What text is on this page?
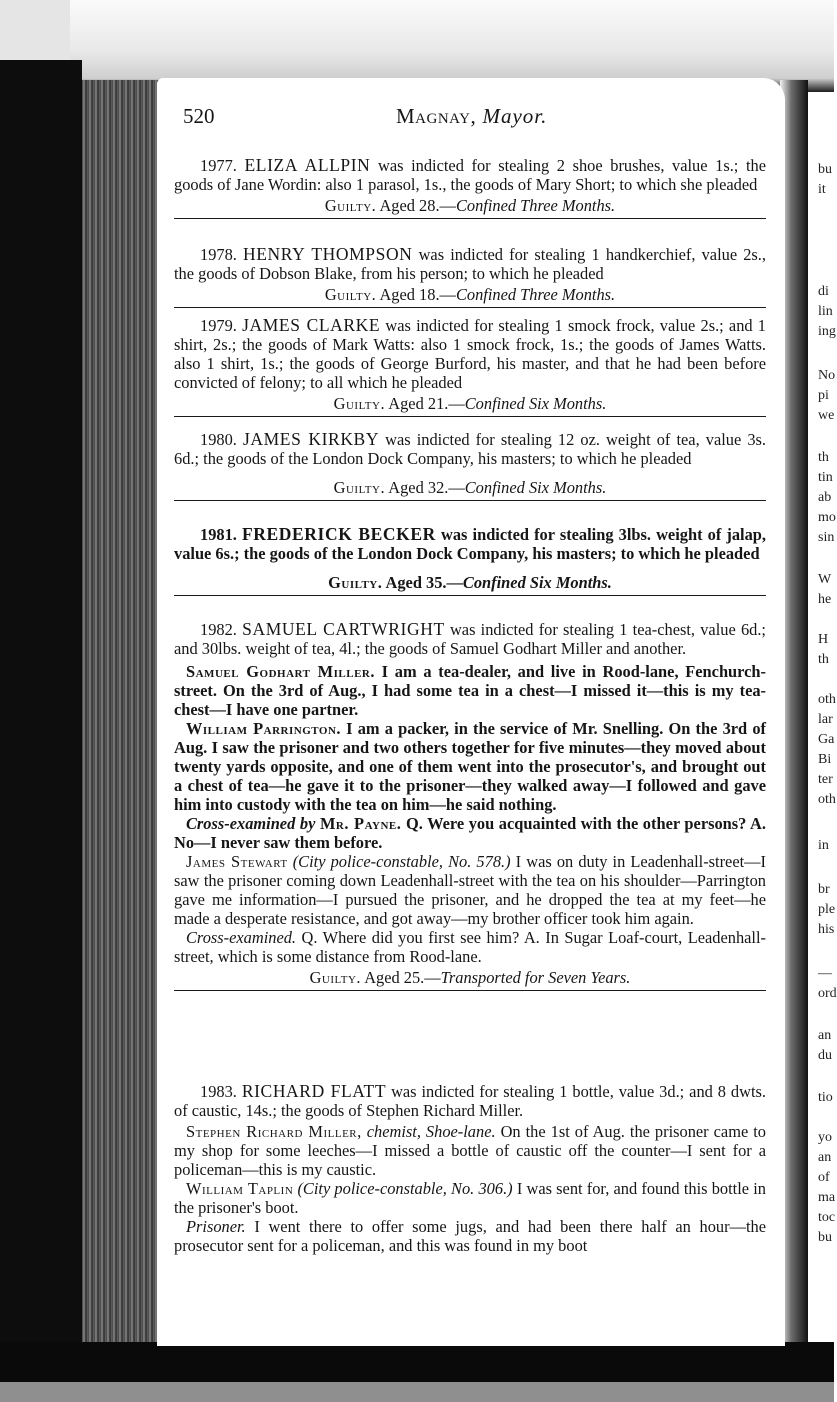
bu
it
di
lin
ing
No
pi
we
th
tin
ab
mo
sin
W
he
H
th
oth
lar
Ga
Bi
ter
oth
in
br
ple
his
—
ord
an
du
tio
yo
an
of
ma
toc
bu
520	Magnay, Mayor.

1977. ELIZA ALLPIN was indicted for stealing 2 shoe brushes, value 1s.; the goods of Jane Wordin: also 1 parasol, 1s., the goods of Mary Short; to which she pleaded

Guilty. Aged 28.—Confined Three Months.

1978. HENRY THOMPSON was indicted for stealing 1 handkerchief, value 2s., the goods of Dobson Blake, from his person; to which he pleaded

Guilty. Aged 18.—Confined Three Months.

1979. JAMES CLARKE was indicted for stealing 1 smock frock, value 2s.; and 1 shirt, 2s.; the goods of Mark Watts: also 1 smock frock, 1s.; the goods of James Watts. also 1 shirt, 1s.; the goods of George Burford, his master, and that he had been before convicted of felony; to all which he pleaded

Guilty. Aged 21.—Confined Six Months.

1980. JAMES KIRKBY was indicted for stealing 12 oz. weight of tea, value 3s. 6d.; the goods of the London Dock Company, his masters; to which he pleaded

Guilty. Aged 32.—Confined Six Months.

1981. FREDERICK BECKER was indicted for stealing 3lbs. weight of jalap, value 6s.; the goods of the London Dock Company, his masters; to which he pleaded

Guilty. Aged 35.—Confined Six Months.

1982. SAMUEL CARTWRIGHT was indicted for stealing 1 tea-chest, value 6d.; and 30lbs. weight of tea, 4l.; the goods of Samuel Godhart Miller and another.

Samuel Godhart Miller. I am a tea-dealer, and live in Rood-lane, Fenchurch-street. On the 3rd of Aug., I had some tea in a chest—I missed it—this is my tea-chest—I have one partner.

William Parrington. I am a packer, in the service of Mr. Snelling. On the 3rd of Aug. I saw the prisoner and two others together for five minutes—they moved about twenty yards opposite, and one of them went into the prosecutor's, and brought out a chest of tea—he gave it to the prisoner—they walked away—I followed and gave him into custody with the tea on him—he said nothing.

Cross-examined by Mr. Payne. Q. Were you acquainted with the other persons? A. No—I never saw them before.

James Stewart (City police-constable, No. 578.) I was on duty in Leadenhall-street—I saw the prisoner coming down Leadenhall-street with the tea on his shoulder—Parrington gave me information—I pursued the prisoner, and he dropped the tea at my feet—he made a desperate resistance, and got away—my brother officer took him again.

Cross-examined. Q. Where did you first see him? A. In Sugar Loaf-court, Leadenhall-street, which is some distance from Rood-lane.

Guilty. Aged 25.—Transported for Seven Years.

1983. RICHARD FLATT was indicted for stealing 1 bottle, value 3d.; and 8 dwts. of caustic, 14s.; the goods of Stephen Richard Miller.

Stephen Richard Miller, chemist, Shoe-lane. On the 1st of Aug. the prisoner came to my shop for some leeches—I missed a bottle of caustic off the counter—I sent for a policeman—this is my caustic.

William Taplin (City police-constable, No. 306.) I was sent for, and found this bottle in the prisoner's boot.

Prisoner. I went there to offer some jugs, and had been there half an hour—the prosecutor sent for a policeman, and this was found in my boot
